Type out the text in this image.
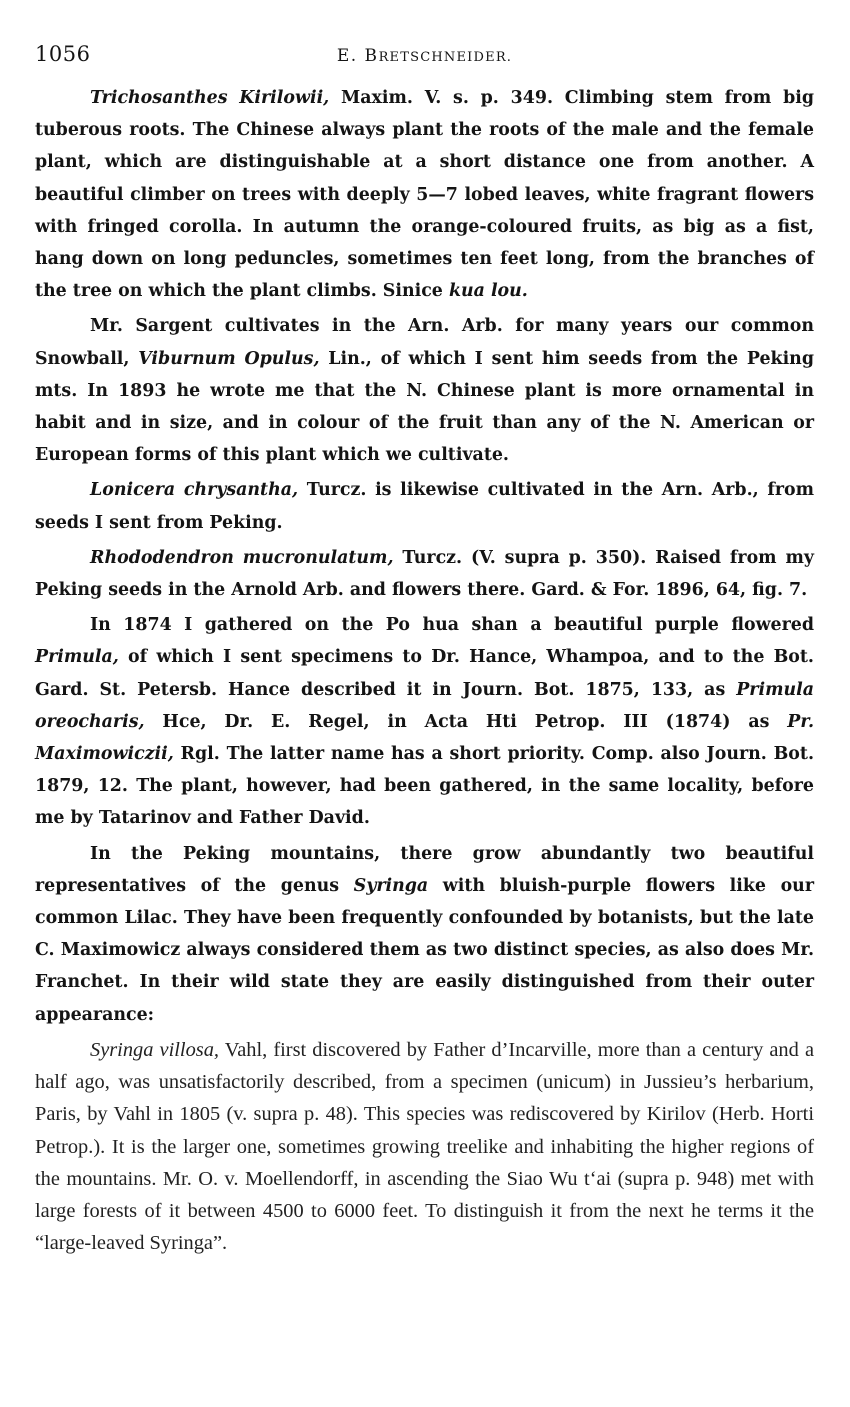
1056	E. BRETSCHNEIDER.

Trichosanthes Kirilowii, Maxim. V. s. p. 349. Climbing stem from big tuberous roots. The Chinese always plant the roots of the male and the female plant, which are distinguishable at a short distance one from another. A beautiful climber on trees with deeply 5—7 lobed leaves, white fragrant flowers with fringed corolla. In autumn the orange-coloured fruits, as big as a fist, hang down on long peduncles, sometimes ten feet long, from the branches of the tree on which the plant climbs. Sinice kua lou.

Mr. Sargent cultivates in the Arn. Arb. for many years our common Snowball, Viburnum Opulus, Lin., of which I sent him seeds from the Peking mts. In 1893 he wrote me that the N. Chinese plant is more ornamental in habit and in size, and in colour of the fruit than any of the N. American or European forms of this plant which we cultivate.

Lonicera chrysantha, Turcz. is likewise cultivated in the Arn. Arb., from seeds I sent from Peking.

Rhododendron mucronulatum, Turcz. (V. supra p. 350). Raised from my Peking seeds in the Arnold Arb. and flowers there. Gard. & For. 1896, 64, fig. 7.

In 1874 I gathered on the Po hua shan a beautiful purple flowered Primula, of which I sent specimens to Dr. Hance, Whampoa, and to the Bot. Gard. St. Petersb. Hance described it in Journ. Bot. 1875, 133, as Primula oreocharis, Hce, Dr. E. Regel, in Acta Hti Petrop. III (1874) as Pr. Maximowiczii, Rgl. The latter name has a short priority. Comp. also Journ. Bot. 1879, 12. The plant, however, had been gathered, in the same locality, before me by Tatarinov and Father David.

In the Peking mountains, there grow abundantly two beautiful representatives of the genus Syringa with bluish-purple flowers like our common Lilac. They have been frequently confounded by botanists, but the late C. Maximowicz always considered them as two distinct species, as also does Mr. Franchet. In their wild state they are easily distinguished from their outer appearance:

Syringa villosa, Vahl, first discovered by Father d’Incarville, more than a century and a half ago, was unsatisfactorily described, from a specimen (unicum) in Jussieu’s herbarium, Paris, by Vahl in 1805 (v. supra p. 48). This species was rediscovered by Kirilov (Herb. Horti Petrop.). It is the larger one, sometimes growing treelike and inhabiting the higher regions of the mountains. Mr. O. v. Moellendorff, in ascending the Siao Wu t‘ai (supra p. 948) met with large forests of it between 4500 to 6000 feet. To distinguish it from the next he terms it the “large-leaved Syringa”.
